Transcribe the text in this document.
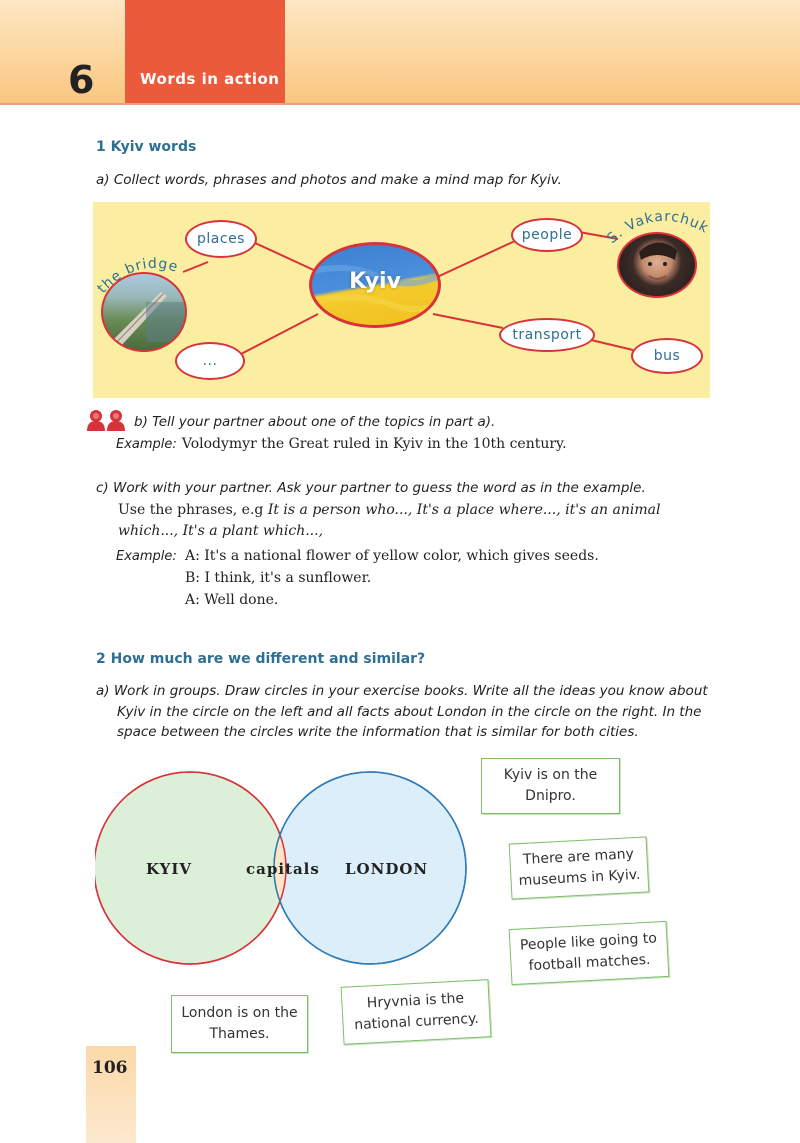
6	Words in action
1 Kyiv words
a) Collect words, phrases and photos and make a mind map for Kyiv.
Kyiv
places
the bridge
...
people	S. Vakarchuk
transport
bus
b) Tell your partner about one of the topics in part a).
Example: Volodymyr the Great ruled in Kyiv in the 10th century.
c) Work with your partner. Ask your partner to guess the word as in the example.
Use the phrases, e.g It is a person who..., It's a place where..., it's an animal
which..., It's a plant which...,
Example: A: It's a national flower of yellow color, which gives seeds.
B: I think, it's a sunflower.
A: Well done.
2 How much are we different and similar?
a) Work in groups. Draw circles in your exercise books. Write all the ideas you know about
Kyiv in the circle on the left and all facts about London in the circle on the right. In the
space between the circles write the information that is similar for both cities.
KYIV	capitals LONDON
Kyiv is on the Dnipro.
There are many museums in Kyiv.
People like going to football matches.
London is on the Thames.
Hryvnia is the national currency.
106
